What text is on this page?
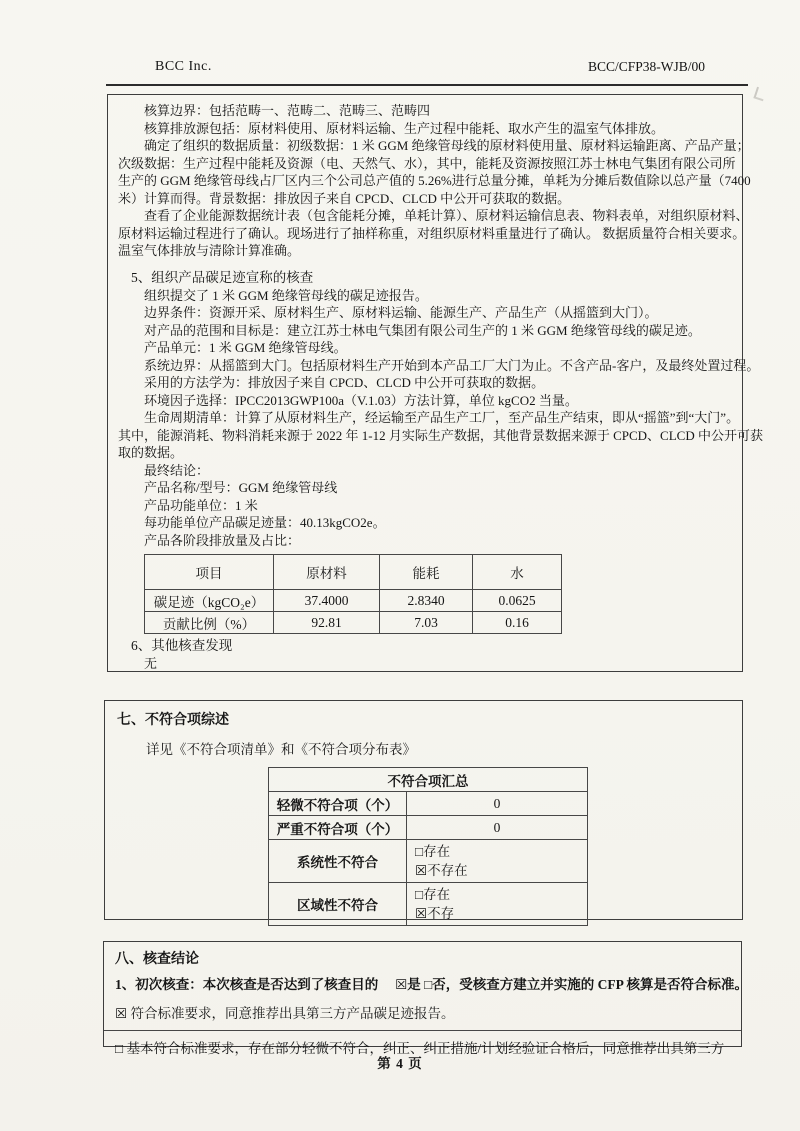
BCC Inc.	BCC/CFP38-WJB/00
核算边界：包括范畴一、范畴二、范畴三、范畴四
核算排放源包括：原材料使用、原材料运输、生产过程中能耗、取水产生的温室气体排放。
确定了组织的数据质量：初级数据：1 米 GGM 绝缘管母线的原材料使用量、原材料运输距离、产品产量；
次级数据：生产过程中能耗及资源（电、天然气、水），其中，能耗及资源按照江苏士林电气集团有限公司所
生产的 GGM 绝缘管母线占厂区内三个公司总产值的 5.26%进行总量分摊，单耗为分摊后数值除以总产量（7400
米）计算而得。背景数据：排放因子来自 CPCD、CLCD 中公开可获取的数据。
查看了企业能源数据统计表（包含能耗分摊，单耗计算）、原材料运输信息表、物料表单，对组织原材料、
原材料运输过程进行了确认。现场进行了抽样称重，对组织原材料重量进行了确认。 数据质量符合相关要求。
温室气体排放与清除计算准确。
5、组织产品碳足迹宣称的核查
组织提交了 1 米 GGM 绝缘管母线的碳足迹报告。
边界条件：资源开采、原材料生产、原材料运输、能源生产、产品生产（从摇篮到大门）。
对产品的范围和目标是：建立江苏士林电气集团有限公司生产的 1 米 GGM 绝缘管母线的碳足迹。
产品单元：1 米 GGM 绝缘管母线。
系统边界：从摇篮到大门。包括原材料生产开始到本产品工厂大门为止。不含产品-客户，及最终处置过程。
采用的方法学为：排放因子来自 CPCD、CLCD 中公开可获取的数据。
环境因子选择：IPCC2013GWP100a（V.1.03）方法计算，单位 kgCO2 当量。
生命周期清单：计算了从原材料生产，经运输至产品生产工厂，至产品生产结束，即从“摇篮”到“大门”。
其中，能源消耗、物料消耗来源于 2022 年 1-12 月实际生产数据，其他背景数据来源于 CPCD、CLCD 中公开可获
取的数据。
最终结论：
产品名称/型号：GGM 绝缘管母线
产品功能单位：1 米
每功能单位产品碳足迹量：40.13kgCO2e。
产品各阶段排放量及占比：
项目	原材料	能耗	水
碳足迹（kgCO₂e）	37.4000	2.8340	0.0625
贡献比例（%）	92.81	7.03	0.16
6、其他核查发现
无
七、不符合项综述
详见《不符合项清单》和《不符合项分布表》
不符合项汇总	
轻微不符合项（个）	0
严重不符合项（个）	0
系统性不符合	□存在
☒不存在

区域性不符合	□存在
☒不存
八、核查结论
1、初次核查：本次核查是否达到了核查目的　 ☒是 □否，受核查方建立并实施的 CFP 核算是否符合标准。
☒ 符合标准要求，同意推荐出具第三方产品碳足迹报告。
□ 基本符合标准要求，存在部分轻微不符合，纠正、纠正措施/计划经验证合格后，同意推荐出具第三方
第 4 页
